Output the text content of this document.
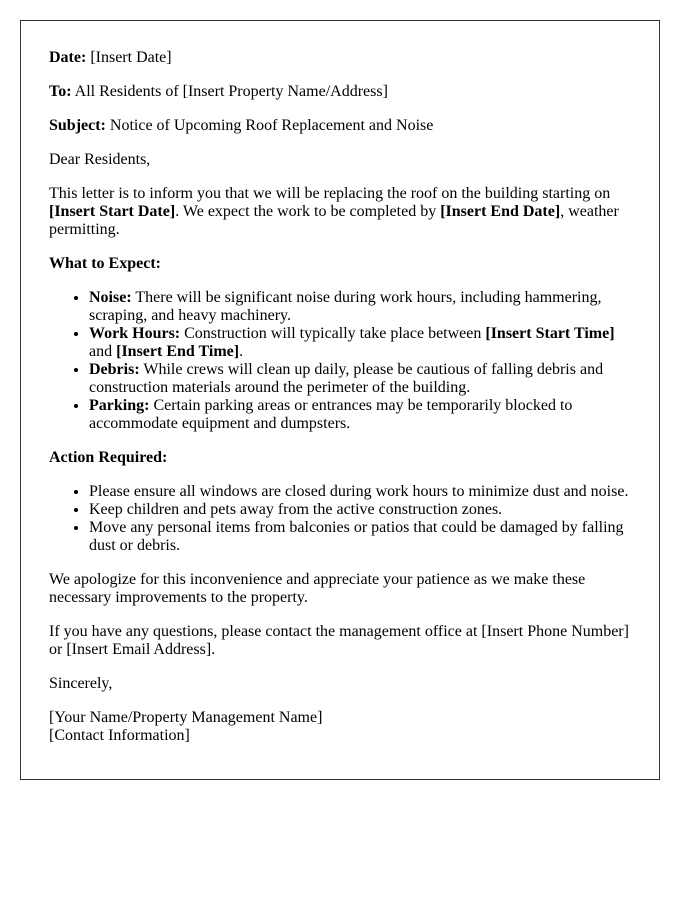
Date: [Insert Date]

To: All Residents of [Insert Property Name/Address]

Subject: Notice of Upcoming Roof Replacement and Noise

Dear Residents,

This letter is to inform you that we will be replacing the roof on the building starting on [Insert Start Date]. We expect the work to be completed by [Insert End Date], weather permitting.

What to Expect:
• Noise: There will be significant noise during work hours, including hammering, scraping, and heavy machinery.
• Work Hours: Construction will typically take place between [Insert Start Time] and [Insert End Time].
• Debris: While crews will clean up daily, please be cautious of falling debris and construction materials around the perimeter of the building.
• Parking: Certain parking areas or entrances may be temporarily blocked to accommodate equipment and dumpsters.
Action Required:
• Please ensure all windows are closed during work hours to minimize dust and noise.
• Keep children and pets away from the active construction zones.
• Move any personal items from balconies or patios that could be damaged by falling dust or debris.

We apologize for this inconvenience and appreciate your patience as we make these necessary improvements to the property.

If you have any questions, please contact the management office at [Insert Phone Number] or [Insert Email Address].

Sincerely,

[Your Name/Property Management Name]

[Contact Information]
